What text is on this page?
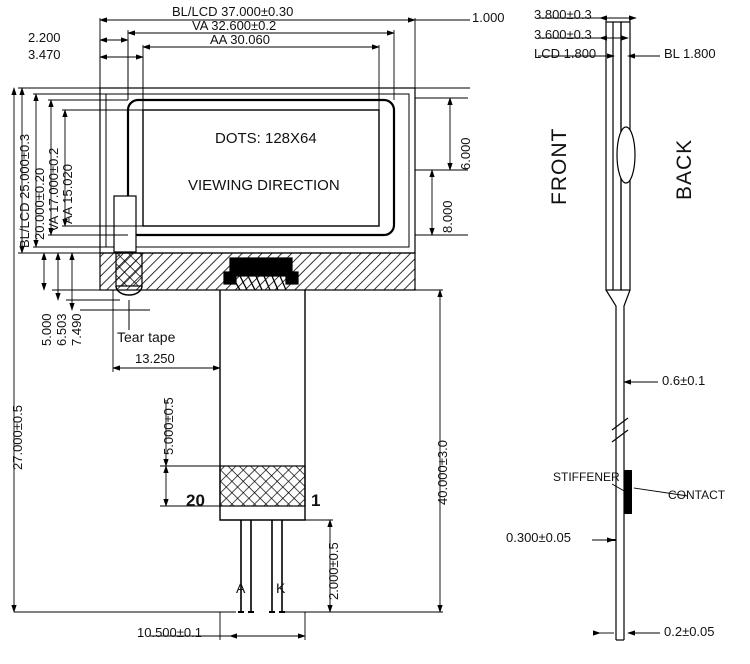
BL/LCD 37.000±0.30
VA 32.600±0.2
AA 30.060
2.200
3.470
1.000
6.000
8.000
BL/LCD 25.000±0.3 20.000±0.20 VA 17.000±0.2 AA 15.020
5.000 6.503 7.490
27.000±0.5
13.250
5.000±0.5
40.000±3.0
2.000±0.5
10.500±0.1
Tear tape
20	1
A K
DOTS: 128X64
VIEWING DIRECTION
3.800±0.3
3.600±0.3
LCD 1.800	BL 1.800
0.6±0.1
0.300±0.05
0.2±0.05
FRONT	BACK
STIFFENER
CONTACT
